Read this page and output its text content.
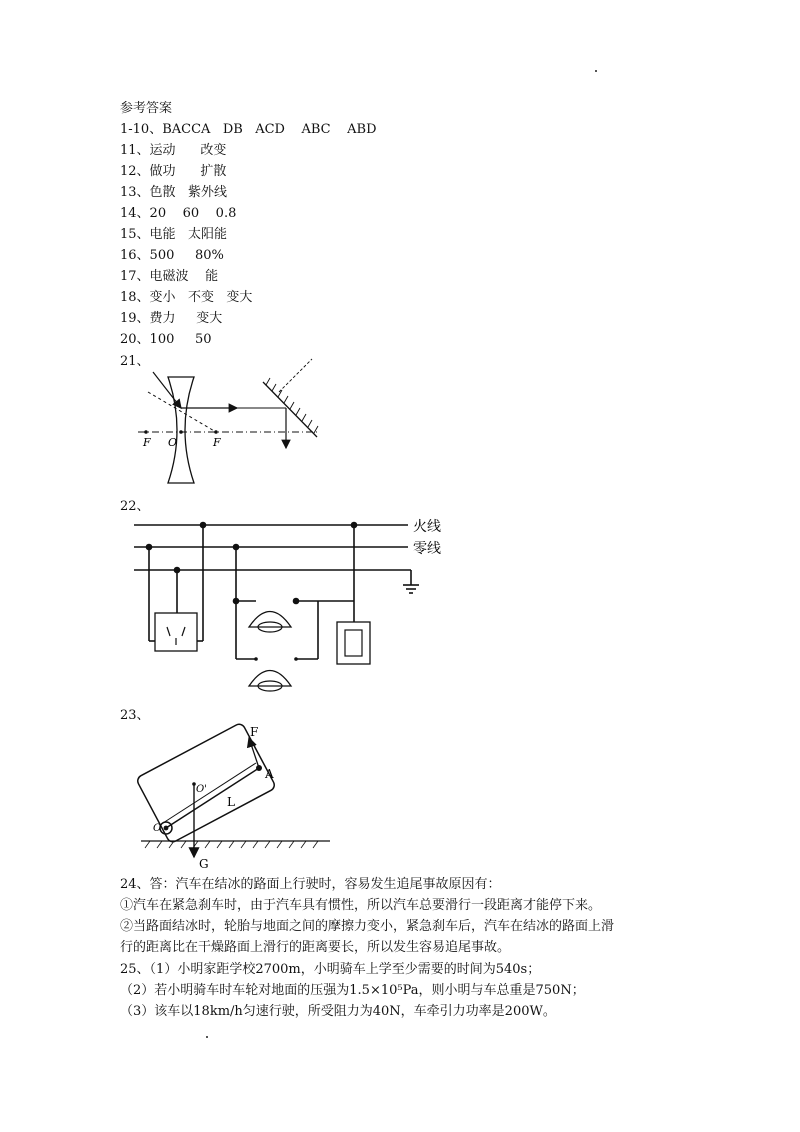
参考答案
1-10、BACCA   DB   ACD    ABC    ABD
11、运动      改变
12、做功      扩散
13、色散   紫外线
14、20    60    0.8
15、电能   太阳能
16、500     80%
17、电磁波    能
18、变小   不变   变大
19、费力     变大
20、100     50
21、
F O	F
22、
火线
零线
23、
F
A
L
O
O'
G
24、答：汽车在结冰的路面上行驶时，容易发生追尾事故原因有：
①汽车在紧急刹车时，由于汽车具有惯性，所以汽车总要滑行一段距离才能停下来。
②当路面结冰时，轮胎与地面之间的摩擦力变小，紧急刹车后，汽车在结冰的路面上滑
行的距离比在干燥路面上滑行的距离要长，所以发生容易追尾事故。
25、（1）小明家距学校2700m，小明骑车上学至少需要的时间为540s；
（2）若小明骑车时车轮对地面的压强为1.5×10⁵Pa，则小明与车总重是750N；
（3）该车以18km/h匀速行驶，所受阻力为40N，车牵引力功率是200W。
